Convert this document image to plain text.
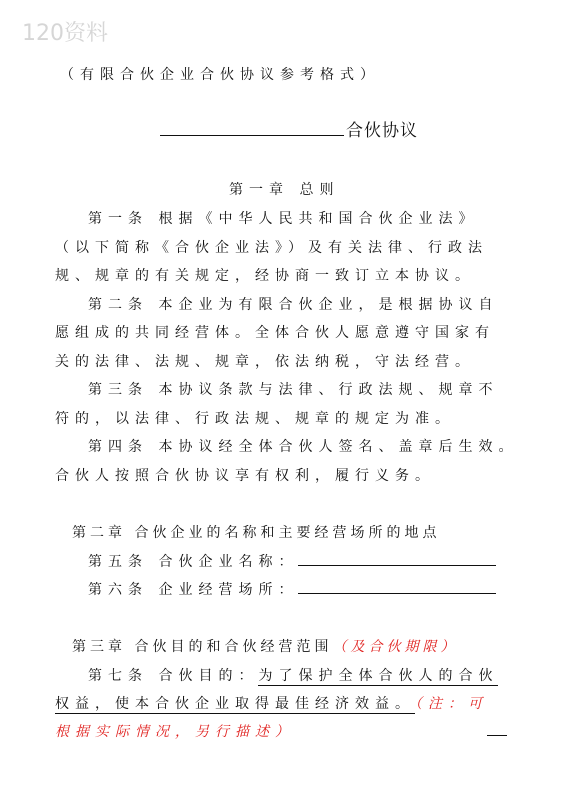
120资料
（有限合伙企业合伙协议参考格式）
合伙协议
第一章 总则
第一条 根据《中华人民共和国合伙企业法》
（以下简称《合伙企业法》）及有关法律、行政法
规、规章的有关规定，经协商一致订立本协议。
第二条 本企业为有限合伙企业，是根据协议自
愿组成的共同经营体。全体合伙人愿意遵守国家有
关的法律、法规、规章，依法纳税，守法经营。
第三条 本协议条款与法律、行政法规、规章不
符的，以法律、行政法规、规章的规定为准。
第四条 本协议经全体合伙人签名、盖章后生效。
合伙人按照合伙协议享有权利，履行义务。
第二章 合伙企业的名称和主要经营场所的地点
第五条 合伙企业名称：
第六条 企业经营场所：
第三章 合伙目的和合伙经营范围（及合伙期限）
第七条 合伙目的：为了保护全体合伙人的合伙
权益，使本合伙企业取得最佳经济效益。（注：可
根据实际情况，另行描述）
